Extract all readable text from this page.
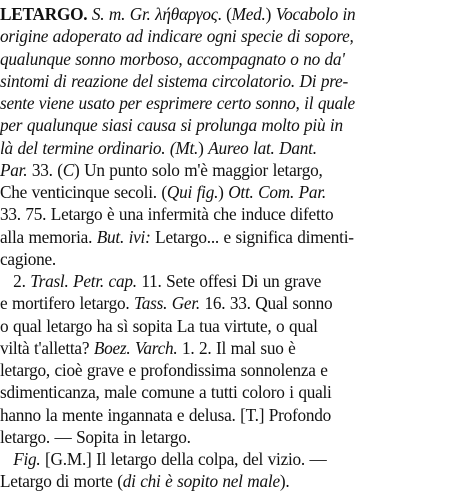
LETARGO. S. m. Gr. λήθαργος. (Med.) Vocabolo in
origine adoperato ad indicare ogni specie di sopore,
qualunque sonno morboso, accompagnato o no da'
sintomi di reazione del sistema circolatorio. Di pre-
sente viene usato per esprimere certo sonno, il quale
per qualunque siasi causa si prolunga molto più in
là del termine ordinario. (Mt.) Aureo lat. Dant.
Par. 33. (C) Un punto solo m'è maggior letargo,
Che venticinque secoli. (Qui fig.) Ott. Com. Par.
33. 75. Letargo è una infermità che induce difetto
alla memoria. But. ivi: Letargo... e significa dimenti-
cagione.
2. Trasl. Petr. cap. 11. Sete offesi Di un grave
e mortifero letargo. Tass. Ger. 16. 33. Qual sonno
o qual letargo ha sì sopita La tua virtute, o qual
viltà t'alletta? Boez. Varch. 1. 2. Il mal suo è
letargo, cioè grave e profondissima sonnolenza e
sdimenticanza, male comune a tutti coloro i quali
hanno la mente ingannata e delusa. [T.] Profondo
letargo. — Sopita in letargo.
Fig. [G.M.] Il letargo della colpa, del vizio. —
Letargo di morte (di chi è sopito nel male).
